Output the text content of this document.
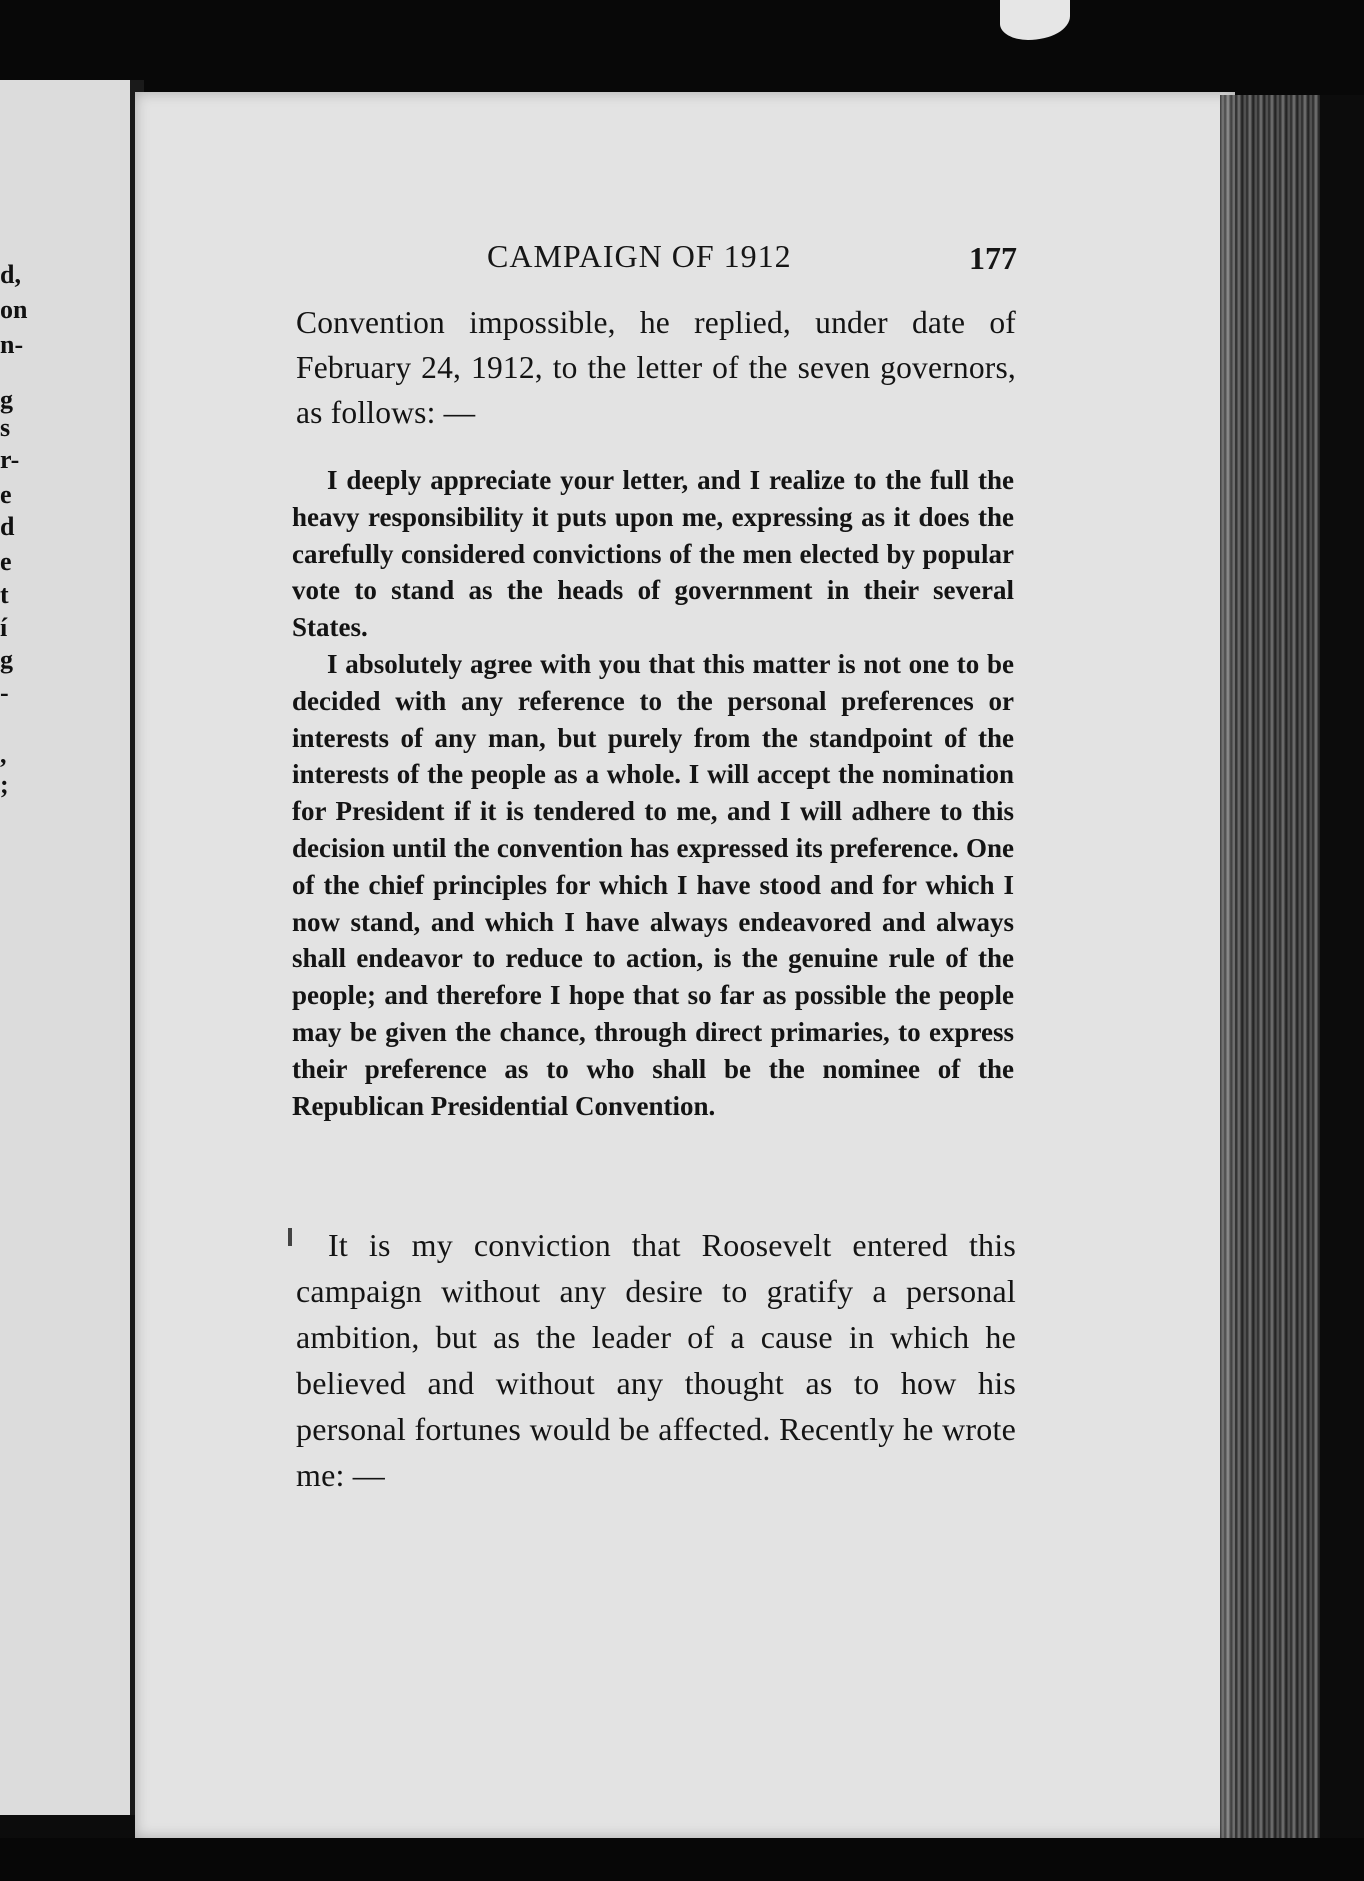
d,
on
n-
g
s
r-
e
d
e
t
í
g
-
,
;
CAMPAIGN OF 1912	177
Convention impossible, he replied, under date of February 24, 1912, to the letter of the seven governors, as follows: —

I deeply appreciate your letter, and I realize to the full the heavy responsibility it puts upon me, expressing as it does the carefully considered convictions of the men elected by popular vote to stand as the heads of government in their several States.

I absolutely agree with you that this matter is not one to be decided with any reference to the personal preferences or interests of any man, but purely from the standpoint of the interests of the people as a whole. I will accept the nomination for President if it is tendered to me, and I will adhere to this decision until the convention has expressed its preference. One of the chief principles for which I have stood and for which I now stand, and which I have always endeavored and always shall endeavor to reduce to action, is the genuine rule of the people; and therefore I hope that so far as possible the people may be given the chance, through direct primaries, to express their preference as to who shall be the nominee of the Republican Presidential Convention.

It is my conviction that Roosevelt entered this campaign without any desire to gratify a personal ambition, but as the leader of a cause in which he believed and without any thought as to how his personal fortunes would be affected. Recently he wrote me: —
